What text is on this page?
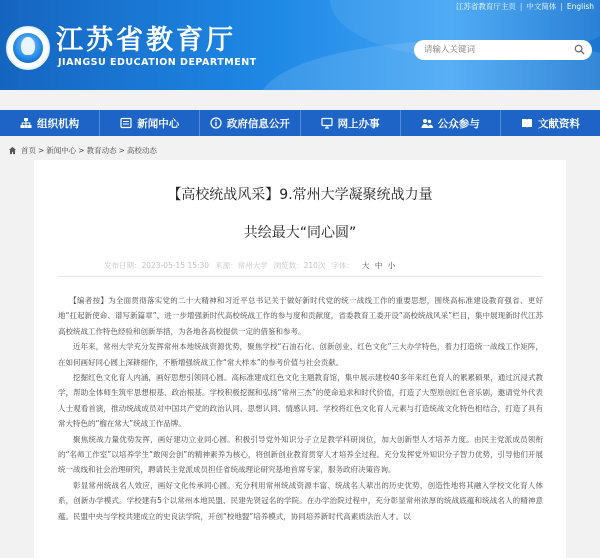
江苏省教育厅主页 | 中文简体 | English
江苏省教育厅
JIANGSU EDUCATION DEPARTMENT
请输入关键词
组织机构	新闻中心	政府信息公开	网上办事	公众参与	文献资料
首页 > 新闻中心 > 教育动态 > 高校动态
【高校统战风采】9.常州大学凝聚统战力量
共绘最大“同心圆”
发布日期：2023-05-15 15:30 来源：常州大学 浏览数：210次 字体： 大 中 小

【编者按】为全面贯彻落实党的二十大精神和习近平总书记关于做好新时代党的统一战线工作的重要思想，围绕高标准建设教育强省、更好地“扛起新使命、谱写新篇章”，进一步增强新时代高校统战工作的参与度和贡献度，省委教育工委开设“高校统战风采”栏目，集中展现新时代江苏高校统战工作特色经验和创新举措，为各地各高校提供一定的借鉴和参考。

近年来，常州大学充分发挥常州本地统战资源优势，聚焦学校“石油石化、创新创业、红色文化”三大办学特色，着力打造统一战线工作矩阵，在如何画好同心圆上深耕细作，不断增强统战工作“常大样本”的参考价值与社会贡献。

挖掘红色文化育人内涵，画好思想引领同心圆。高标准建成红色文化主题教育馆，集中展示建校40多年来红色育人的累累硕果，通过沉浸式教学，帮助全体师生筑牢思想根基、政治根基。学校积极挖掘和弘扬“常州三杰”的使命追求和时代价值，打造了大型原创红色音乐剧，邀请党外代表人士观看首演，推动统战成员对中国共产党的政治认同、思想认同、情感认同。学校将红色文化育人元素与打造统战文化特色相结合，打造了具有常大特色的“榴在常大”统战工作品牌。

聚焦统战力量优势发挥，画好建功立业同心圆。积极引导党外知识分子立足教学科研岗位，加大创新型人才培养力度。由民主党派成员领衔的“名师工作室”以培养学生“敢闯会创”的精神素养为核心，将创新创业教育贯穿人才培养全过程。充分发挥党外知识分子智力优势，引导他们开展统一战线和社会治理研究，聘请民主党派成员担任省统战理论研究基地首席专家，服务政府决策咨询。

彰显常州统战名人效应，画好文化传承同心圆。充分利用常州统战资源丰富、统战名人辈出的历史优势，创造性地将其融入学校文化育人体系，创新办学模式。学校建有5个以常州本地民盟、民建先贤冠名的学院。在办学治院过程中，充分彰显常州浓厚的统战底蕴和统战名人的精神意蕴。民盟中央与学校共建成立的史良法学院，开创“校地盟”培养模式，协同培养新时代高素质法治人才。以
